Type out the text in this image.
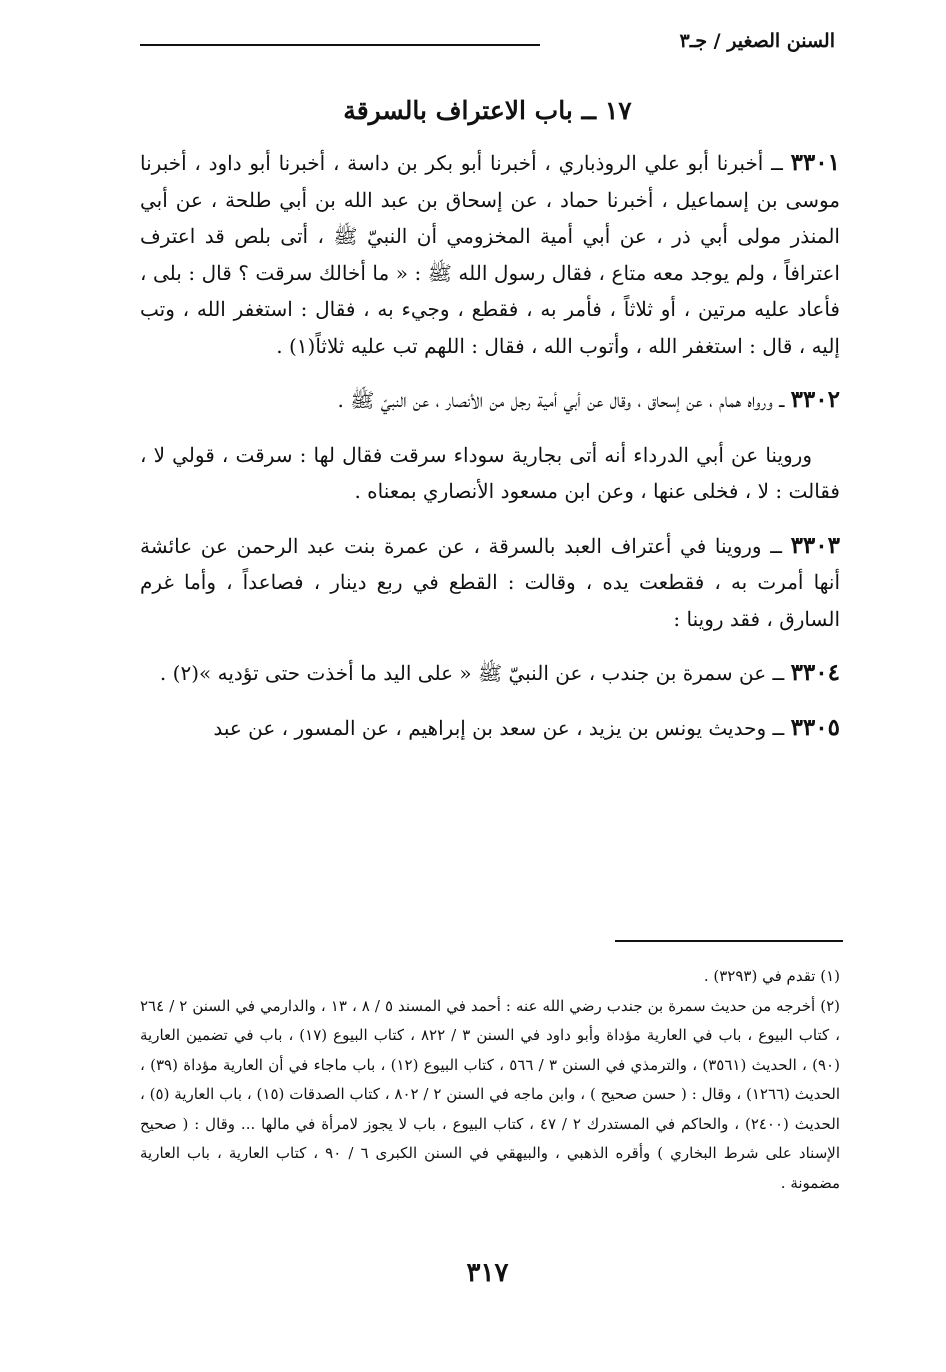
السنن الصغير / جـ٣
١٧ ــ باب الاعتراف بالسرقة

٣٣٠١ ــ أخبرنا أبو علي الروذباري ، أخبرنا أبو بكر بن داسة ، أخبرنا أبو داود ، أخبرنا موسى بن إسماعيل ، أخبرنا حماد ، عن إسحاق بن عبد الله بن أبي طلحة ، عن أبي المنذر مولى أبي ذر ، عن أبي أمية المخزومي أن النبيّ ﷺ ، أتى بلص قد اعترف اعترافاً ، ولم يوجد معه متاع ، فقال رسول الله ﷺ : « ما أخالك سرقت ؟ قال : بلى ، فأعاد عليه مرتين ، أو ثلاثاً ، فأمر به ، فقطع ، وجيء به ، فقال : استغفر الله ، وتب إليه ، قال : استغفر الله ، وأتوب الله ، فقال : اللهم تب عليه ثلاثاً(١) .

٣٣٠٢ ــ ورواه همام ، عن إسحاق ، وقال عن أبي أمية رجل من الأنصار ، عن النبيّ ﷺ .

وروينا عن أبي الدرداء أنه أتى بجارية سوداء سرقت فقال لها : سرقت ، قولي لا ، فقالت : لا ، فخلى عنها ، وعن ابن مسعود الأنصاري بمعناه .

٣٣٠٣ ــ وروينا في أعتراف العبد بالسرقة ، عن عمرة بنت عبد الرحمن عن عائشة أنها أمرت به ، فقطعت يده ، وقالت : القطع في ربع دينار ، فصاعداً ، وأما غرم السارق ، فقد روينا :

٣٣٠٤ ــ عن سمرة بن جندب ، عن النبيّ ﷺ « على اليد ما أخذت حتى تؤديه »(٢) .

٣٣٠٥ ــ وحديث يونس بن يزيد ، عن سعد بن إبراهيم ، عن المسور ، عن عبد

(١) تقدم في (٣٢٩٣) .

(٢) أخرجه من حديث سمرة بن جندب رضي الله عنه : أحمد في المسند ٥ / ٨ ، ١٣ ، والدارمي في السنن ٢ / ٢٦٤ ، كتاب البيوع ، باب في العارية مؤداة وأبو داود في السنن ٣ / ٨٢٢ ، كتاب البيوع (١٧) ، باب في تضمين العارية (٩٠) ، الحديث (٣٥٦١) ، والترمذي في السنن ٣ / ٥٦٦ ، كتاب البيوع (١٢) ، باب ماجاء في أن العارية مؤداة (٣٩) ، الحديث (١٢٦٦) ، وقال : ( حسن صحيح ) ، وابن ماجه في السنن ٢ / ٨٠٢ ، كتاب الصدقات (١٥) ، باب العارية (٥) ، الحديث (٢٤٠٠) ، والحاكم في المستدرك ٢ / ٤٧ ، كتاب البيوع ، باب لا يجوز لامرأة في مالها ... وقال : ( صحيح الإسناد على شرط البخاري ) وأقره الذهبي ، والبيهقي في السنن الكبرى ٦ / ٩٠ ، كتاب العارية ، باب العارية مضمونة .

٣١٧
